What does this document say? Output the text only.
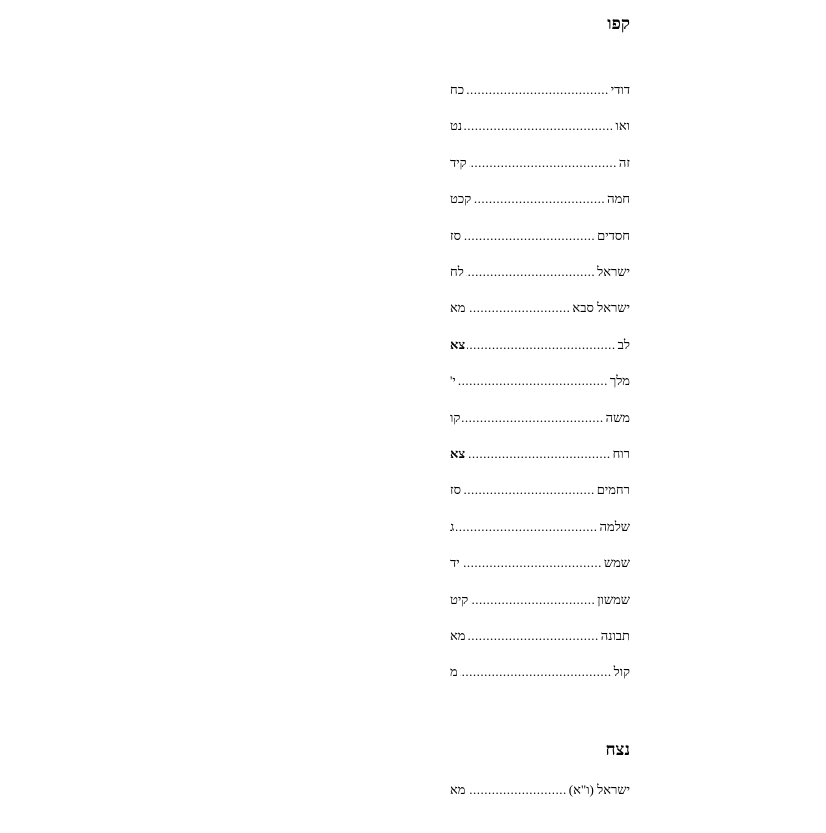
קפו
דודי
.....
כח
ואו
.....
נט
זה
.....
קיד
חמה
.....
קכט
חסדים
.....
סז
ישראל
.....
לח
ישראל סבא
.....
מא
לב
.....
צא
מלך
.....
י'
משה
.....
קו
רוח
.....
צא
רחמים
.....
סז
שלמה
.....
ג
שמש
.....
יד
שמשון
.....
קיט
תבונה
.....
מא
קול
.....
מ
נצח
ישראל (ו"א)
.....
מא
